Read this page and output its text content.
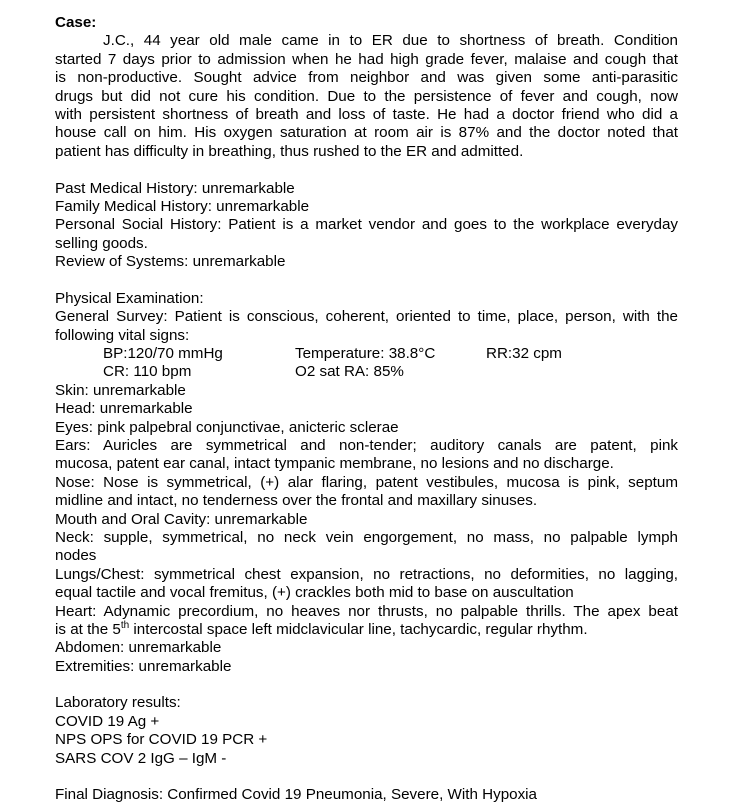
Case:
J.C., 44 year old male came in to ER due to shortness of breath. Condition
started 7 days prior to admission when he had high grade fever, malaise and cough that
is non-productive. Sought advice from neighbor and was given some anti-parasitic
drugs but did not cure his condition. Due to the persistence of fever and cough, now
with persistent shortness of breath and loss of taste. He had a doctor friend who did a
house call on him. His oxygen saturation at room air is 87% and the doctor noted that
patient has difficulty in breathing, thus rushed to the ER and admitted.
Past Medical History: unremarkable
Family Medical History: unremarkable
Personal Social History: Patient is a market vendor and goes to the workplace everyday
selling goods.
Review of Systems: unremarkable
Physical Examination:
General Survey: Patient is conscious, coherent, oriented to time, place, person, with the
following vital signs:
BP:120/70 mmHg	Temperature: 38.8°C	RR:32 cpm
CR: 110 bpm	O2 sat RA: 85%
Skin: unremarkable
Head: unremarkable
Eyes: pink palpebral conjunctivae, anicteric sclerae
Ears: Auricles are symmetrical and non-tender; auditory canals are patent, pink
mucosa, patent ear canal, intact tympanic membrane, no lesions and no discharge.
Nose: Nose is symmetrical, (+) alar flaring, patent vestibules, mucosa is pink, septum
midline and intact, no tenderness over the frontal and maxillary sinuses.
Mouth and Oral Cavity: unremarkable
Neck: supple, symmetrical, no neck vein engorgement, no mass, no palpable lymph
nodes
Lungs/Chest: symmetrical chest expansion, no retractions, no deformities, no lagging,
equal tactile and vocal fremitus, (+) crackles both mid to base on auscultation
Heart: Adynamic precordium, no heaves nor thrusts, no palpable thrills. The apex beat
is at the 5th intercostal space left midclavicular line, tachycardic, regular rhythm.
Abdomen: unremarkable
Extremities: unremarkable
Laboratory results:
COVID 19 Ag +
NPS OPS for COVID 19 PCR +
SARS COV 2 IgG – IgM -
Final Diagnosis: Confirmed Covid 19 Pneumonia, Severe, With Hypoxia
